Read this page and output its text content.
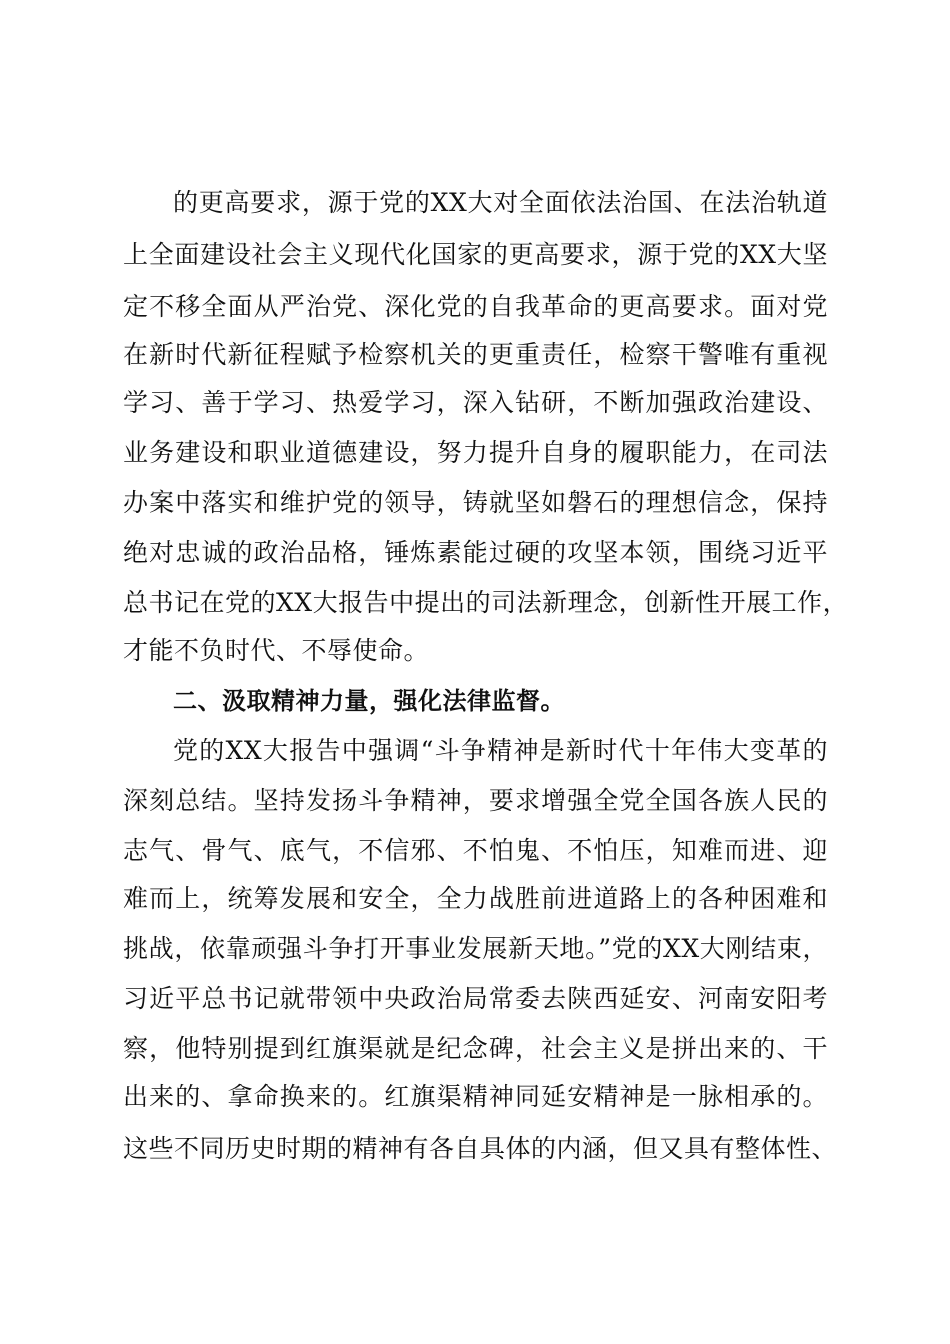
的更高要求，源于党的XX大对全面依法治国、在法治轨道
上全面建设社会主义现代化国家的更高要求，源于党的XX大坚
定不移全面从严治党、深化党的自我革命的更高要求。面对党
在新时代新征程赋予检察机关的更重责任，检察干警唯有重视
学习、善于学习、热爱学习，深入钻研，不断加强政治建设、
业务建设和职业道德建设，努力提升自身的履职能力，在司法
办案中落实和维护党的领导，铸就坚如磐石的理想信念，保持
绝对忠诚的政治品格，锤炼素能过硬的攻坚本领，围绕习近平
总书记在党的XX大报告中提出的司法新理念，创新性开展工作，
才能不负时代、不辱使命。
二、汲取精神力量，强化法律监督。
党的XX大报告中强调“斗争精神是新时代十年伟大变革的
深刻总结。坚持发扬斗争精神，要求增强全党全国各族人民的
志气、骨气、底气，不信邪、不怕鬼、不怕压，知难而进、迎
难而上，统筹发展和安全，全力战胜前进道路上的各种困难和
挑战，依靠顽强斗争打开事业发展新天地。”党的XX大刚结束，
习近平总书记就带领中央政治局常委去陕西延安、河南安阳考
察，他特别提到红旗渠就是纪念碑，社会主义是拼出来的、干
出来的、拿命换来的。红旗渠精神同延安精神是一脉相承的。
这些不同历史时期的精神有各自具体的内涵，但又具有整体性、
